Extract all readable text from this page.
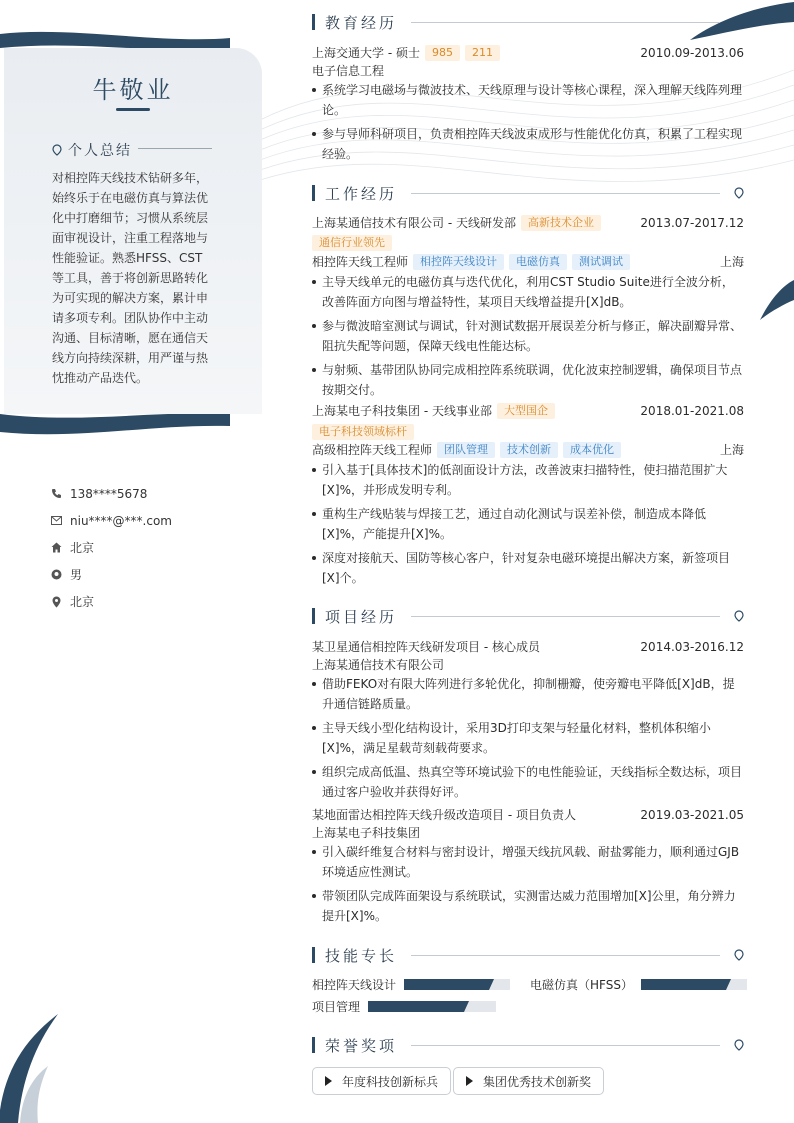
牛敬业
个人总结
对相控阵天线技术钻研多年，始终乐于在电磁仿真与算法优化中打磨细节；习惯从系统层面审视设计，注重工程落地与性能验证。熟悉HFSS、CST等工具，善于将创新思路转化为可实现的解决方案，累计申请多项专利。团队协作中主动沟通、目标清晰，愿在通信天线方向持续深耕，用严谨与热忱推动产品迭代。
138****5678
niu****@***.com
北京
男
北京
教育经历
上海交通大学 - 硕士	985	211	2010.09-2013.06
电子信息工程
系统学习电磁场与微波技术、天线原理与设计等核心课程，深入理解天线阵列理论。
参与导师科研项目，负责相控阵天线波束成形与性能优化仿真，积累了工程实现经验。
工作经历
上海某通信技术有限公司 - 天线研发部	高新技术企业	2013.07-2017.12
通信行业领先
相控阵天线工程师	相控阵天线设计	电磁仿真	测试调试	上海
主导天线单元的电磁仿真与迭代优化，利用CST Studio Suite进行全波分析，改善阵面方向图与增益特性，某项目天线增益提升[X]dB。
参与微波暗室测试与调试，针对测试数据开展误差分析与修正，解决副瓣异常、阻抗失配等问题，保障天线电性能达标。
与射频、基带团队协同完成相控阵系统联调，优化波束控制逻辑，确保项目节点按期交付。
上海某电子科技集团 - 天线事业部	大型国企	2018.01-2021.08
电子科技领域标杆
高级相控阵天线工程师	团队管理	技术创新	成本优化	上海
引入基于[具体技术]的低剖面设计方法，改善波束扫描特性，使扫描范围扩大[X]%，并形成发明专利。
重构生产线贴装与焊接工艺，通过自动化测试与误差补偿，制造成本降低[X]%，产能提升[X]%。
深度对接航天、国防等核心客户，针对复杂电磁环境提出解决方案，新签项目[X]个。
项目经历
某卫星通信相控阵天线研发项目 - 核心成员	2014.03-2016.12
上海某通信技术有限公司
借助FEKO对有限大阵列进行多轮优化，抑制栅瓣，使旁瓣电平降低[X]dB，提升通信链路质量。
主导天线小型化结构设计，采用3D打印支架与轻量化材料，整机体积缩小[X]%，满足星载苛刻载荷要求。
组织完成高低温、热真空等环境试验下的电性能验证，天线指标全数达标，项目通过客户验收并获得好评。
某地面雷达相控阵天线升级改造项目 - 项目负责人	2019.03-2021.05
上海某电子科技集团
引入碳纤维复合材料与密封设计，增强天线抗风载、耐盐雾能力，顺利通过GJB环境适应性测试。
带领团队完成阵面架设与系统联试，实测雷达威力范围增加[X]公里，角分辨力提升[X]%。
技能专长
相控阵天线设计	电磁仿真（HFSS）
项目管理
荣誉奖项
年度科技创新标兵	集团优秀技术创新奖
